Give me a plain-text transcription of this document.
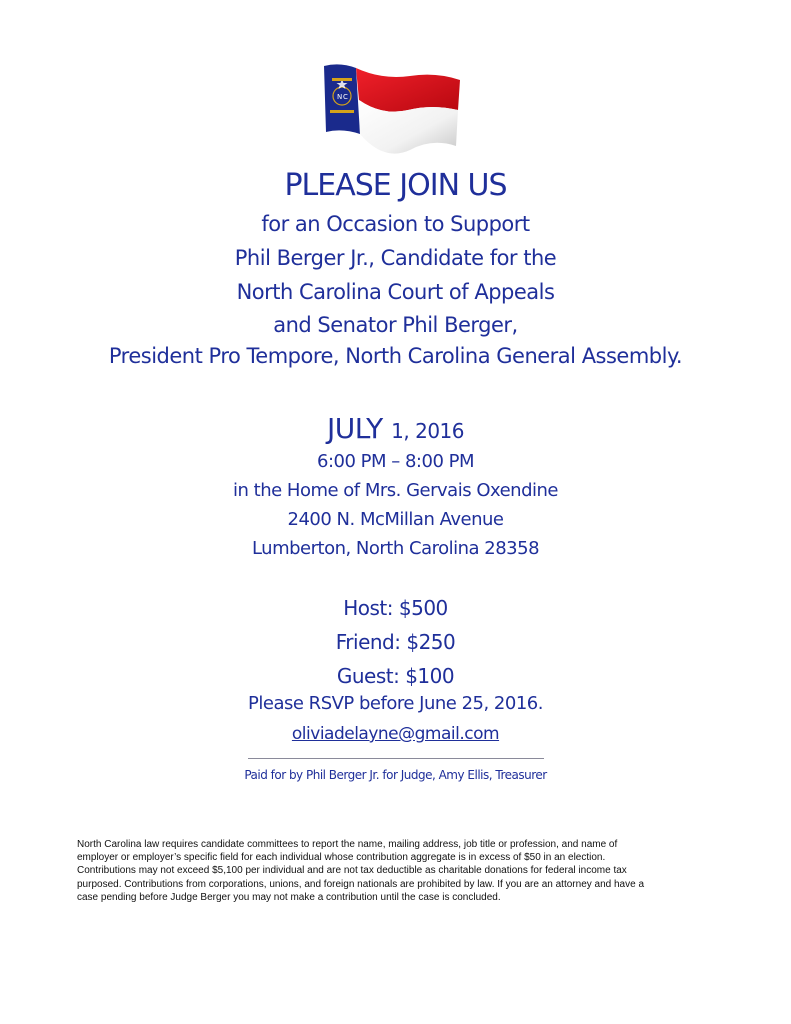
N C
PLEASE JOIN US
for an Occasion to Support
Phil Berger Jr., Candidate for the
North Carolina Court of Appeals
and Senator Phil Berger,
President Pro Tempore, North Carolina General Assembly.
JULY 1, 2016
6:00 PM – 8:00 PM
in the Home of Mrs. Gervais Oxendine
2400 N. McMillan Avenue
Lumberton, North Carolina 28358
Host: $500
Friend: $250
Guest: $100
Please RSVP before June 25, 2016.
oliviadelayne@gmail.com
Paid for by Phil Berger Jr. for Judge, Amy Ellis, Treasurer
North Carolina law requires candidate committees to report the name, mailing address, job title or profession, and name of
employer or employer’s specific field for each individual whose contribution aggregate is in excess of $50 in an election.
Contributions may not exceed $5,100 per individual and are not tax deductible as charitable donations for federal income tax
purposed. Contributions from corporations, unions, and foreign nationals are prohibited by law. If you are an attorney and have a
case pending before Judge Berger you may not make a contribution until the case is concluded.
